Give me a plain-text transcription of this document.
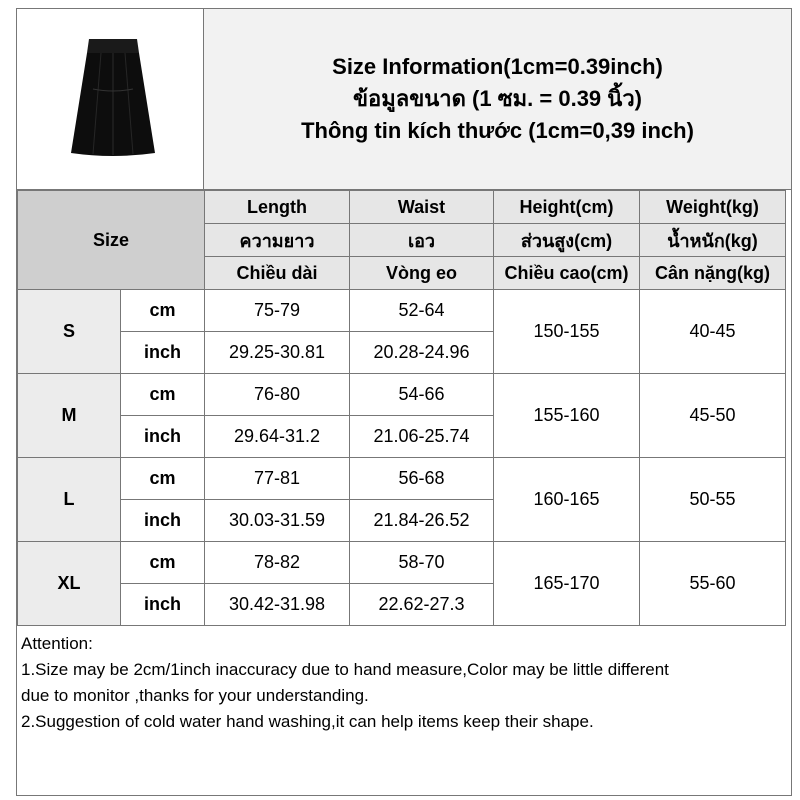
Size Information(1cm=0.39inch)
ข้อมูลขนาด (1 ซม. = 0.39 นิ้ว)
Thông tin kích thước (1cm=0,39 inch)
Size		Length	Waist	Height(cm)	Weight(kg)
		ความยาว	เอว	ส่วนสูง(cm)	น้ำหนัก(kg)
		Chiều dài	Vòng eo	Chiều cao(cm)	Cân nặng(kg)
S	cm	75-79	52-64	150-155	40-45
	inch	29.25-30.81	20.28-24.96		
M	cm	76-80	54-66	155-160	45-50
	inch	29.64-31.2	21.06-25.74		
L	cm	77-81	56-68	160-165	50-55
	inch	30.03-31.59	21.84-26.52		
XL	cm	78-82	58-70	165-170	55-60
	inch	30.42-31.98	22.62-27.3		
Attention:
1.Size may be 2cm/1inch inaccuracy due to hand measure,Color may be little different
due to monitor ,thanks for your understanding.
2.Suggestion of cold water hand washing,it can help items keep their shape.
